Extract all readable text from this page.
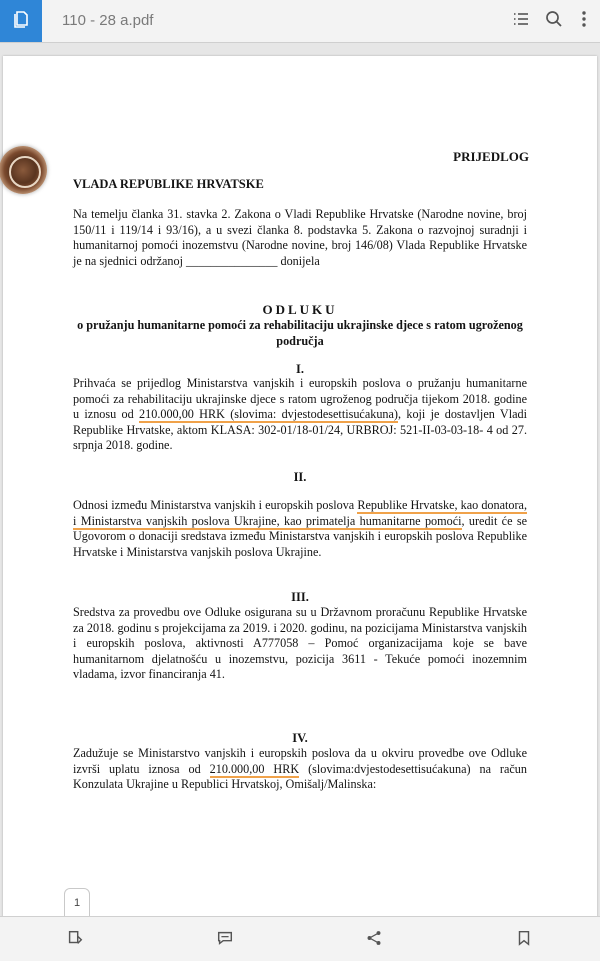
110 - 28 a.pdf
PRIJEDLOG
VLADA REPUBLIKE HRVATSKE
Na temelju članka 31. stavka 2. Zakona o Vladi Republike Hrvatske (Narodne novine, broj 150/11 i 119/14 i 93/16), a u svezi članka 8. podstavka 5. Zakona o razvojnoj suradnji i humanitarnoj pomoći inozemstvu (Narodne novine, broj 146/08) Vlada Republike Hrvatske je na sjednici održanoj _______________ donijela
ODLUKU
o pružanju humanitarne pomoći za rehabilitaciju ukrajinske djece s ratom ugroženog područja
I.
Prihvaća se prijedlog Ministarstva vanjskih i europskih poslova o pružanju humanitarne pomoći za rehabilitaciju ukrajinske djece s ratom ugroženog područja tijekom 2018. godine u iznosu od 210.000,00 HRK (slovima: dvjestodesettisućakuna), koji je dostavljen Vladi Republike Hrvatske, aktom KLASA: 302-01/18-01/24, URBROJ: 521-II-03-03-18- 4 od 27. srpnja 2018. godine.
II.
Odnosi između Ministarstva vanjskih i europskih poslova Republike Hrvatske, kao donatora, i Ministarstva vanjskih poslova Ukrajine, kao primatelja humanitarne pomoći, uredit će se Ugovorom o donaciji sredstava između Ministarstva vanjskih i europskih poslova Republike Hrvatske i Ministarstva vanjskih poslova Ukrajine.
III.
Sredstva za provedbu ove Odluke osigurana su u Državnom proračunu Republike Hrvatske za 2018. godinu s projekcijama za 2019. i 2020. godinu, na pozicijama Ministarstva vanjskih i europskih poslova, aktivnosti A777058 – Pomoć organizacijama koje se bave humanitarnom djelatnošću u inozemstvu, pozicija 3611 - Tekuće pomoći inozemnim vladama, izvor financiranja 41.
IV.
Zadužuje se Ministarstvo vanjskih i europskih poslova da u okviru provedbe ove Odluke izvrši uplatu iznosa od 210.000,00 HRK (slovima:dvjestodesettisućakuna) na račun Konzulata Ukrajine u Republici Hrvatskoj, Omišalj/Malinska:
1
